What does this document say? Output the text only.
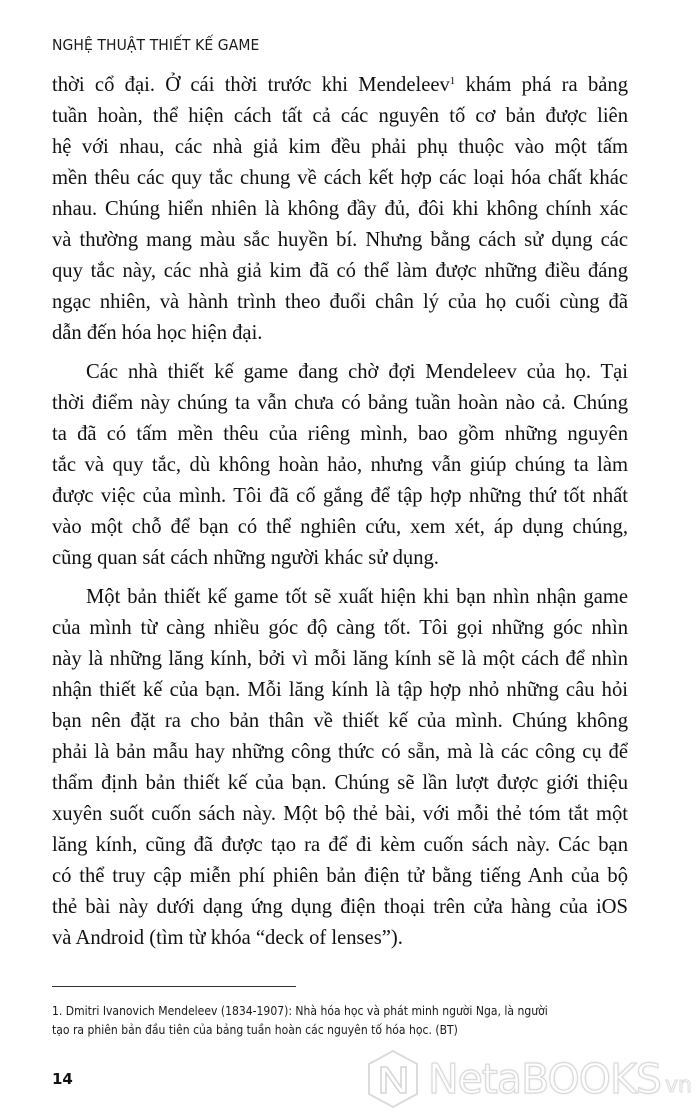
NGHỆ THUẬT THIẾT KẾ GAME
thời cổ đại. Ở cái thời trước khi Mendeleev$^1$ khám phá ra bảng
tuần hoàn, thể hiện cách tất cả các nguyên tố cơ bản được liên
hệ với nhau, các nhà giả kim đều phải phụ thuộc vào một tấm
mền thêu các quy tắc chung về cách kết hợp các loại hóa chất khác
nhau. Chúng hiển nhiên là không đầy đủ, đôi khi không chính xác
và thường mang màu sắc huyền bí. Nhưng bằng cách sử dụng các
quy tắc này, các nhà giả kim đã có thể làm được những điều đáng
ngạc nhiên, và hành trình theo đuổi chân lý của họ cuối cùng đã
dẫn đến hóa học hiện đại.
Các nhà thiết kế game đang chờ đợi Mendeleev của họ. Tại
thời điểm này chúng ta vẫn chưa có bảng tuần hoàn nào cả. Chúng
ta đã có tấm mền thêu của riêng mình, bao gồm những nguyên
tắc và quy tắc, dù không hoàn hảo, nhưng vẫn giúp chúng ta làm
được việc của mình. Tôi đã cố gắng để tập hợp những thứ tốt nhất
vào một chỗ để bạn có thể nghiên cứu, xem xét, áp dụng chúng,
cũng quan sát cách những người khác sử dụng.
Một bản thiết kế game tốt sẽ xuất hiện khi bạn nhìn nhận game
của mình từ càng nhiều góc độ càng tốt. Tôi gọi những góc nhìn
này là những lăng kính, bởi vì mỗi lăng kính sẽ là một cách để nhìn
nhận thiết kế của bạn. Mỗi lăng kính là tập hợp nhỏ những câu hỏi
bạn nên đặt ra cho bản thân về thiết kế của mình. Chúng không
phải là bản mẫu hay những công thức có sẵn, mà là các công cụ để
thẩm định bản thiết kế của bạn. Chúng sẽ lần lượt được giới thiệu
xuyên suốt cuốn sách này. Một bộ thẻ bài, với mỗi thẻ tóm tắt một
lăng kính, cũng đã được tạo ra để đi kèm cuốn sách này. Các bạn
có thể truy cập miễn phí phiên bản điện tử bằng tiếng Anh của bộ
thẻ bài này dưới dạng ứng dụng điện thoại trên cửa hàng của iOS
và Android (tìm từ khóa “deck of lenses”).
1. Dmitri Ivanovich Mendeleev (1834-1907): Nhà hóa học và phát minh người Nga, là người
tạo ra phiên bản đầu tiên của bảng tuần hoàn các nguyên tố hóa học. (BT)
14	NetaBOOKS vn
